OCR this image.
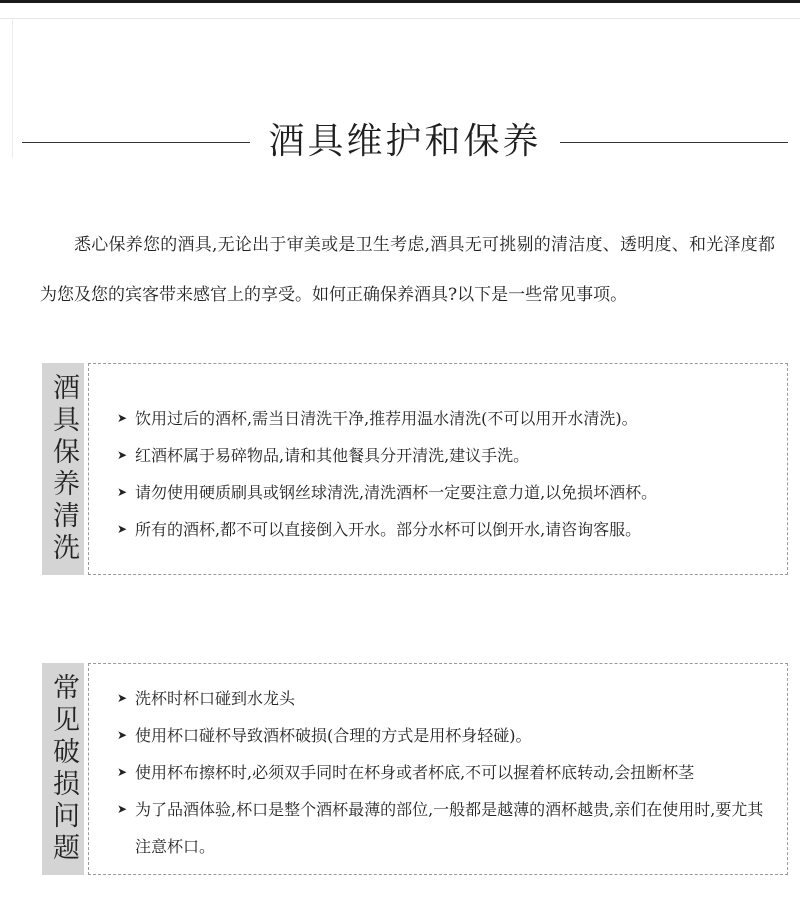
酒具维护和保养

悉心保养您的酒具,无论出于审美或是卫生考虑,酒具无可挑剔的清洁度、透明度、和光泽度都为您及您的宾客带来感官上的享受。如何正确保养酒具?以下是一些常见事项。

酒具保养清洗	➤ 饮用过后的酒杯,需当日清洗干净,推荐用温水清洗(不可以用开水清洗)。
➤ 红酒杯属于易碎物品,请和其他餐具分开清洗,建议手洗。
➤ 请勿使用硬质刷具或钢丝球清洗,清洗酒杯一定要注意力道,以免损坏酒杯。
➤ 所有的酒杯,都不可以直接倒入开水。部分水杯可以倒开水,请咨询客服。
常见破损问题	➤ 洗杯时杯口碰到水龙头
➤ 使用杯口碰杯导致酒杯破损(合理的方式是用杯身轻碰)。
➤ 使用杯布擦杯时,必须双手同时在杯身或者杯底,不可以握着杯底转动,会扭断杯茎
➤ 为了品酒体验,杯口是整个酒杯最薄的部位,一般都是越薄的酒杯越贵,亲们在使用时,要尤其注意杯口。
